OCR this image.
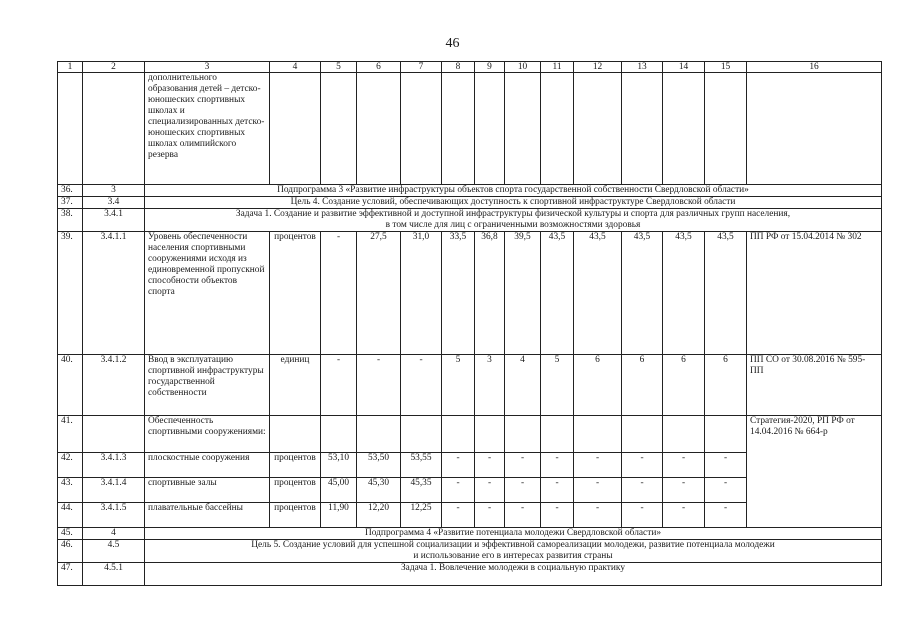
46
1	2	3	4	5	6	7	8	9	10	11	12	13	14	15	16
		дополнительного образования детей – детско-юношеских спортивных школах и специализированных детско-юношеских спортивных школах олимпийского резерва													
36.	3	Подпрограмма 3 «Развитие инфраструктуры объектов спорта государственной собственности Свердловской области»													
37.	3.4	Цель 4. Создание условий, обеспечивающих доступность к спортивной инфраструктуре Свердловской области													
38.	3.4.1	Задача 1. Создание и развитие эффективной и доступной инфраструктуры физической культуры и спорта для различных групп населения,
в том числе для лиц с ограниченными возможностями здоровья													

39.	3.4.1.1	Уровень обеспеченности населения спортивными сооружениями исходя из единовременной пропускной способности объектов спорта	процентов	-	27,5	31,0	33,5	36,8	39,5	43,5	43,5	43,5	43,5	43,5	ПП РФ от 15.04.2014 № 302
40.	3.4.1.2	Ввод в эксплуатацию спортивной инфраструктуры государственной собственности	единиц	-	-	-	5	3	4	5	6	6	6	6	ПП СО от 30.08.2016 № 595-ПП
41.		Обеспеченность спортивными сооружениями:													Стратегия-2020, РП РФ от 14.04.2016 № 664-р
42.	3.4.1.3	плоскостные сооружения	процентов	53,10	53,50	53,55	-	-	-	-	-	-	-	-	
43.	3.4.1.4	спортивные залы	процентов	45,00	45,30	45,35	-	-	-	-	-	-	-	-	
44.	3.4.1.5	плавательные бассейны	процентов	11,90	12,20	12,25	-	-	-	-	-	-	-	-	
45.	4	Подпрограмма 4 «Развитие потенциала молодежи Свердловской области»													
46.	4.5	Цель 5. Создание условий для успешной социализации и эффективной самореализации молодежи, развитие потенциала молодежи
и использование его в интересах развития страны													

47.	4.5.1	Задача 1. Вовлечение молодежи в социальную практику													
